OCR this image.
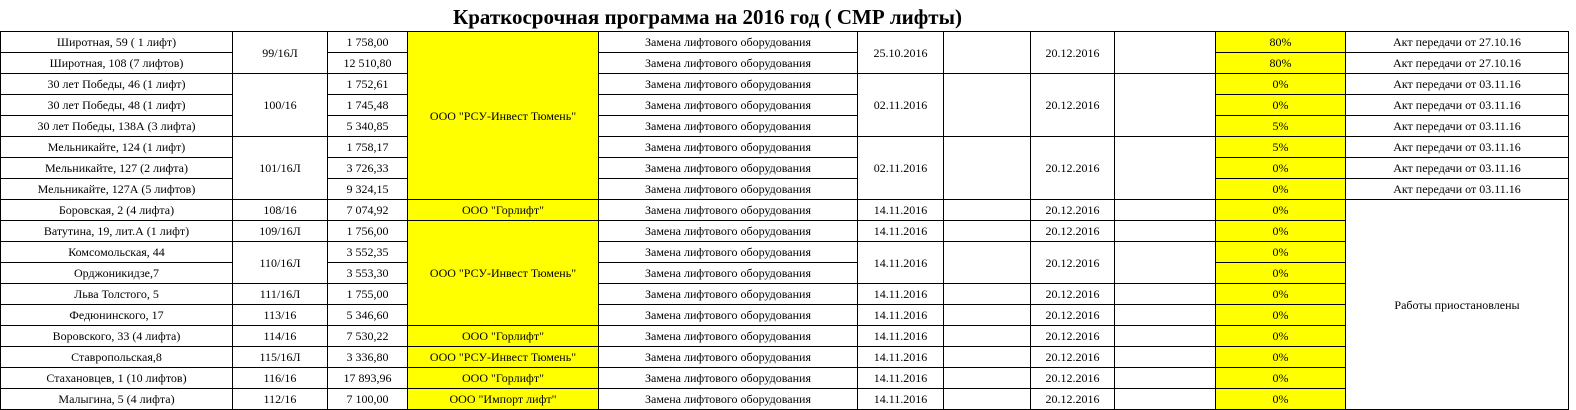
Краткосрочная программа на 2016 год ( СМР лифты)
Широтная, 59 ( 1 лифт)	99/16Л	1 758,00	ООО "РСУ-Инвест Тюмень"	Замена лифтового оборудования	25.10.2016		20.12.2016		80%	Акт передачи от 27.10.16
Широтная, 108 (7 лифтов)		12 510,80		Замена лифтового оборудования					80%	Акт передачи от 27.10.16
30 лет Победы, 46 (1 лифт)	100/16	1 752,61		Замена лифтового оборудования	02.11.2016		20.12.2016		0%	Акт передачи от 03.11.16
30 лет Победы, 48 (1 лифт)		1 745,48		Замена лифтового оборудования					0%	Акт передачи от 03.11.16
30 лет Победы, 138А (3 лифта)		5 340,85		Замена лифтового оборудования					5%	Акт передачи от 03.11.16
Мельникайте, 124 (1 лифт)	101/16Л	1 758,17		Замена лифтового оборудования	02.11.2016		20.12.2016		5%	Акт передачи от 03.11.16
Мельникайте, 127 (2 лифта)		3 726,33		Замена лифтового оборудования					0%	Акт передачи от 03.11.16
Мельникайте, 127А (5 лифтов)		9 324,15		Замена лифтового оборудования					0%	Акт передачи от 03.11.16
Боровская, 2 (4 лифта)	108/16	7 074,92	ООО "Горлифт"	Замена лифтового оборудования	14.11.2016		20.12.2016		0%	Работы приостановлены
Ватутина, 19, лит.А (1 лифт)	109/16Л	1 756,00	ООО "РСУ-Инвест Тюмень"	Замена лифтового оборудования	14.11.2016		20.12.2016		0%	
Комсомольская, 44	110/16Л	3 552,35		Замена лифтового оборудования	14.11.2016		20.12.2016		0%	
Орджоникидзе,7		3 553,30		Замена лифтового оборудования					0%	
Льва Толстого, 5	111/16Л	1 755,00		Замена лифтового оборудования	14.11.2016		20.12.2016		0%	
Федюнинского, 17	113/16	5 346,60		Замена лифтового оборудования	14.11.2016		20.12.2016		0%	
Воровского, 33 (4 лифта)	114/16	7 530,22	ООО "Горлифт"	Замена лифтового оборудования	14.11.2016		20.12.2016		0%	
Ставропольская,8	115/16Л	3 336,80	ООО "РСУ-Инвест Тюмень"	Замена лифтового оборудования	14.11.2016		20.12.2016		0%	
Стахановцев, 1 (10 лифтов)	116/16	17 893,96	ООО "Горлифт"	Замена лифтового оборудования	14.11.2016		20.12.2016		0%	
Малыгина, 5 (4 лифта)	112/16	7 100,00	ООО "Импорт лифт"	Замена лифтового оборудования	14.11.2016		20.12.2016		0%	
